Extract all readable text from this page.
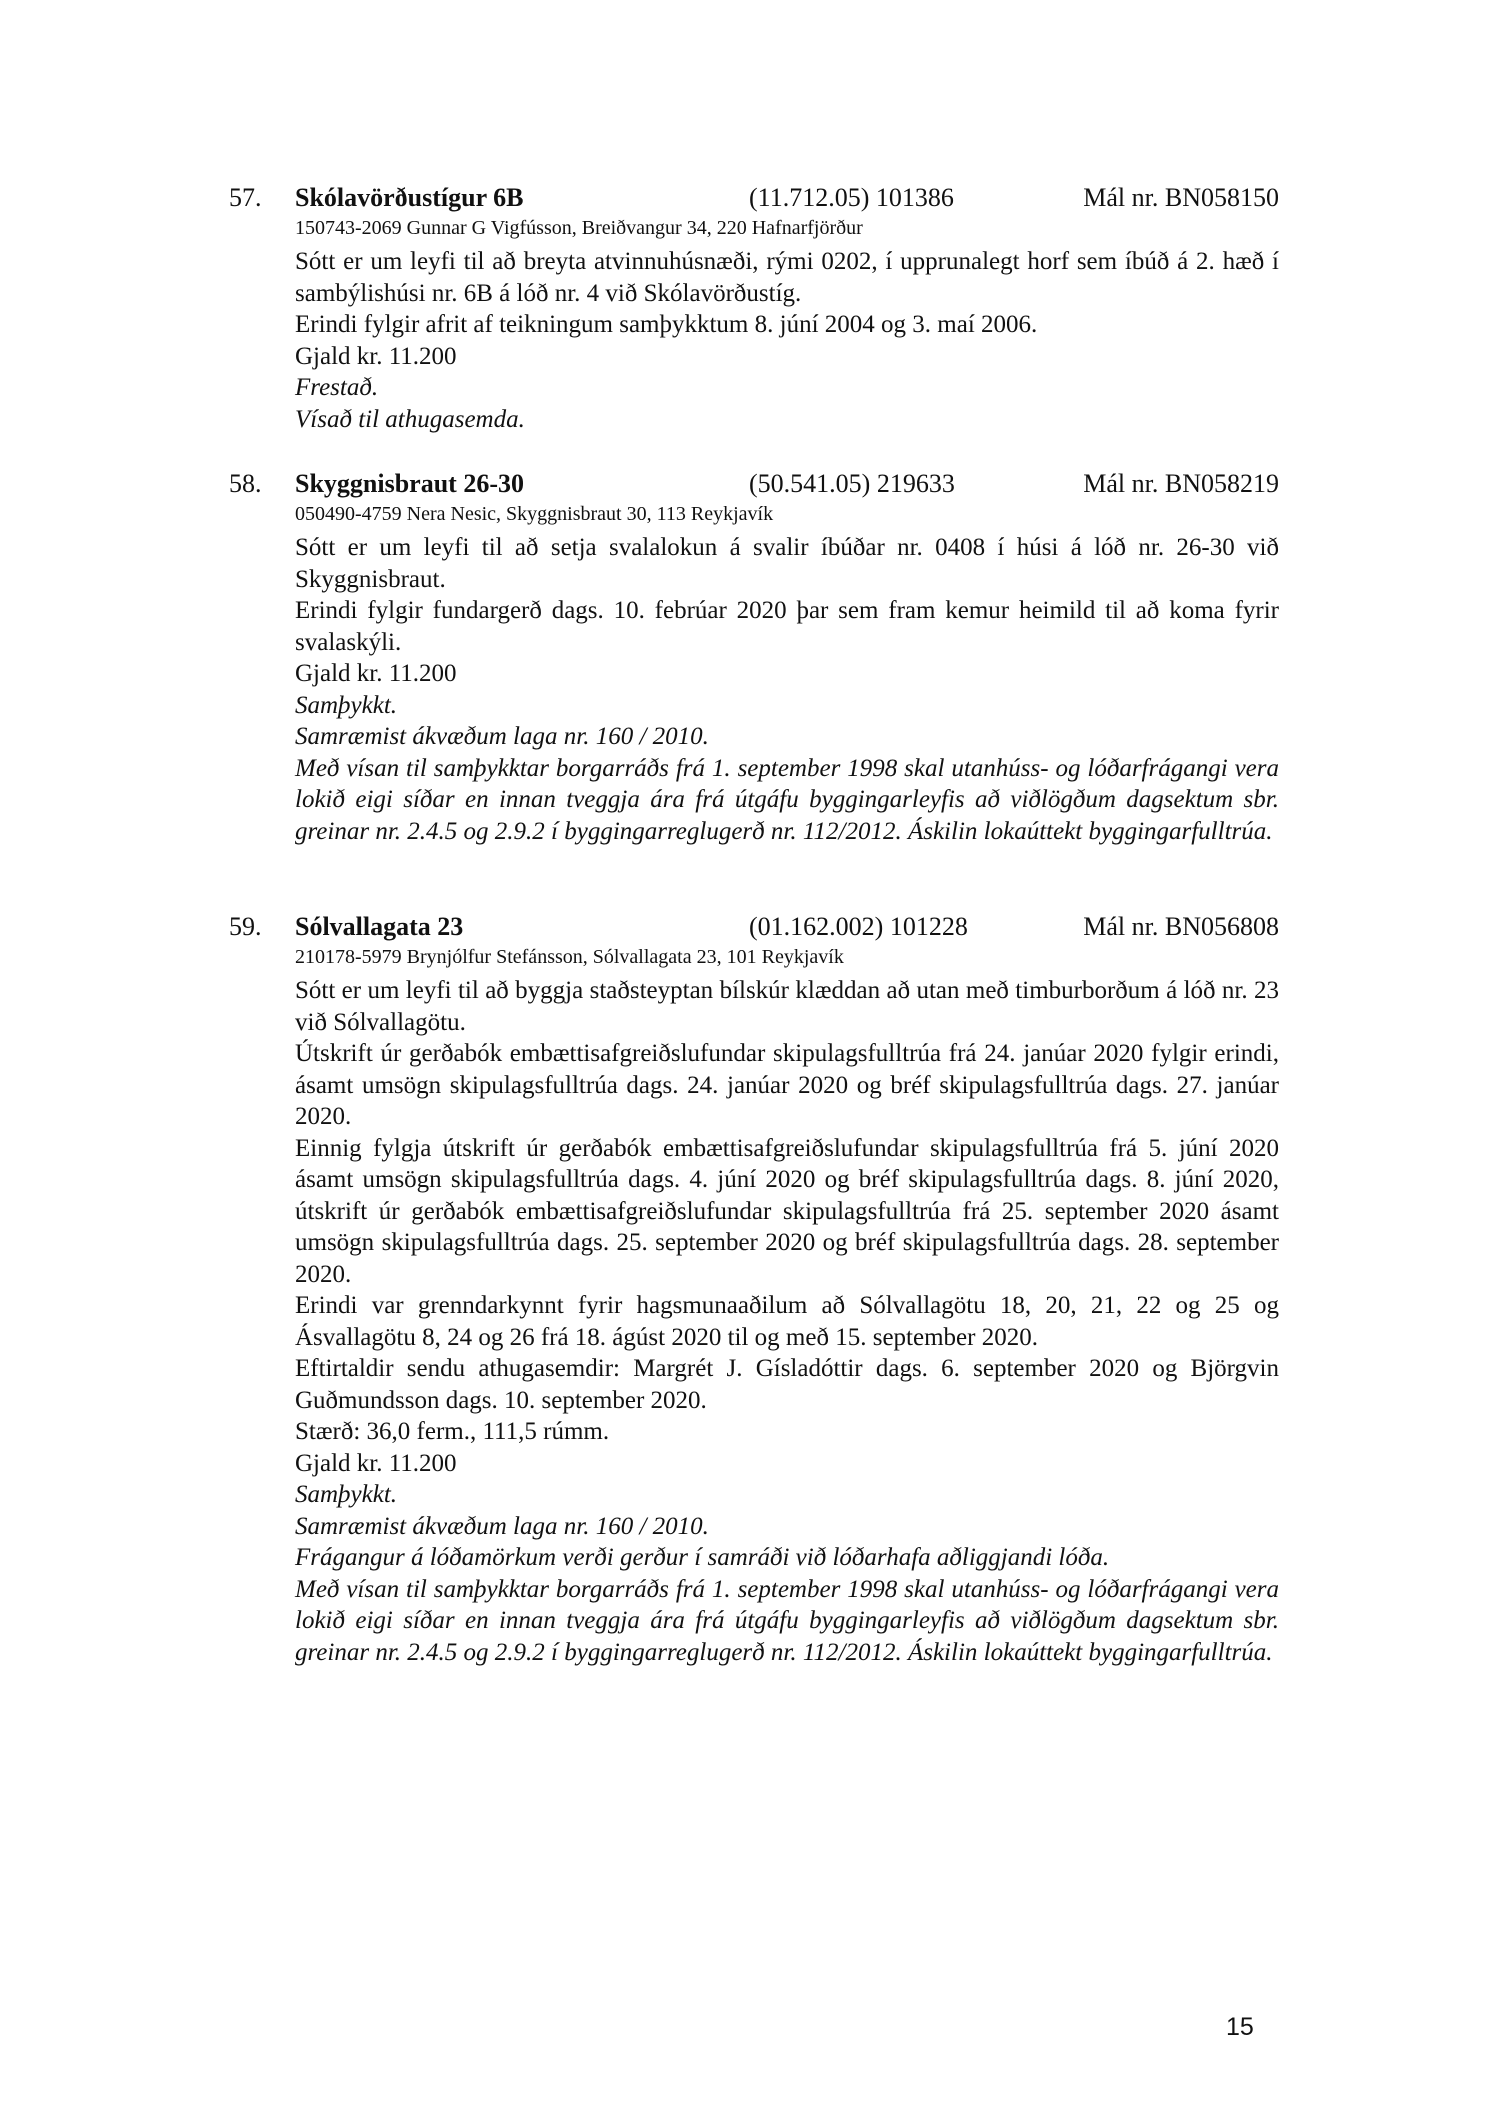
57. Skólavörðustígur 6B	(11.712.05) 101386	Mál nr. BN058150
150743-2069 Gunnar G Vigfússon, Breiðvangur 34, 220 Hafnarfjörður

Sótt er um leyfi til að breyta atvinnuhúsnæði, rými 0202, í upprunalegt horf sem íbúð á 2. hæð í sambýlishúsi nr. 6B á lóð nr. 4 við Skólavörðustíg.

Erindi fylgir afrit af teikningum samþykktum 8. júní 2004 og 3. maí 2006.

Gjald kr. 11.200

Frestað.

Vísað til athugasemda.

58. Skyggnisbraut 26-30	(50.541.05) 219633	Mál nr. BN058219
050490-4759 Nera Nesic, Skyggnisbraut 30, 113 Reykjavík

Sótt er um leyfi til að setja svalalokun á svalir íbúðar nr. 0408 í húsi á lóð nr. 26-30 við Skyggnisbraut.

Erindi fylgir fundargerð dags. 10. febrúar 2020 þar sem fram kemur heimild til að koma fyrir svalaskýli.

Gjald kr. 11.200

Samþykkt.

Samræmist ákvæðum laga nr. 160 / 2010.

Með vísan til samþykktar borgarráðs frá 1. september 1998 skal utanhúss- og lóðarfrágangi vera lokið eigi síðar en innan tveggja ára frá útgáfu byggingarleyfis að viðlögðum dagsektum sbr. greinar nr. 2.4.5 og 2.9.2 í byggingarreglugerð nr. 112/2012. Áskilin lokaúttekt byggingarfulltrúa.

59. Sólvallagata 23	(01.162.002) 101228	Mál nr. BN056808
210178-5979 Brynjólfur Stefánsson, Sólvallagata 23, 101 Reykjavík

Sótt er um leyfi til að byggja staðsteyptan bílskúr klæddan að utan með timburborðum á lóð nr. 23 við Sólvallagötu.

Útskrift úr gerðabók embættisafgreiðslufundar skipulagsfulltrúa frá 24. janúar 2020 fylgir erindi, ásamt umsögn skipulagsfulltrúa dags. 24. janúar 2020 og bréf skipulagsfulltrúa dags. 27. janúar 2020.

Einnig fylgja útskrift úr gerðabók embættisafgreiðslufundar skipulagsfulltrúa frá 5. júní 2020 ásamt umsögn skipulagsfulltrúa dags. 4. júní 2020 og bréf skipulagsfulltrúa dags. 8. júní 2020, útskrift úr gerðabók embættisafgreiðslufundar skipulagsfulltrúa frá 25. september 2020 ásamt umsögn skipulagsfulltrúa dags. 25. september 2020 og bréf skipulagsfulltrúa dags. 28. september 2020.

Erindi var grenndarkynnt fyrir hagsmunaaðilum að Sólvallagötu 18, 20, 21, 22 og 25 og Ásvallagötu 8, 24 og 26 frá 18. ágúst 2020 til og með 15. september 2020.

Eftirtaldir sendu athugasemdir: Margrét J. Gísladóttir dags. 6. september 2020 og Björgvin Guðmundsson dags. 10. september 2020.

Stærð: 36,0 ferm., 111,5 rúmm.

Gjald kr. 11.200

Samþykkt.

Samræmist ákvæðum laga nr. 160 / 2010.

Frágangur á lóðamörkum verði gerður í samráði við lóðarhafa aðliggjandi lóða.

Með vísan til samþykktar borgarráðs frá 1. september 1998 skal utanhúss- og lóðarfrágangi vera lokið eigi síðar en innan tveggja ára frá útgáfu byggingarleyfis að viðlögðum dagsektum sbr. greinar nr. 2.4.5 og 2.9.2 í byggingarreglugerð nr. 112/2012. Áskilin lokaúttekt byggingarfulltrúa.

15
